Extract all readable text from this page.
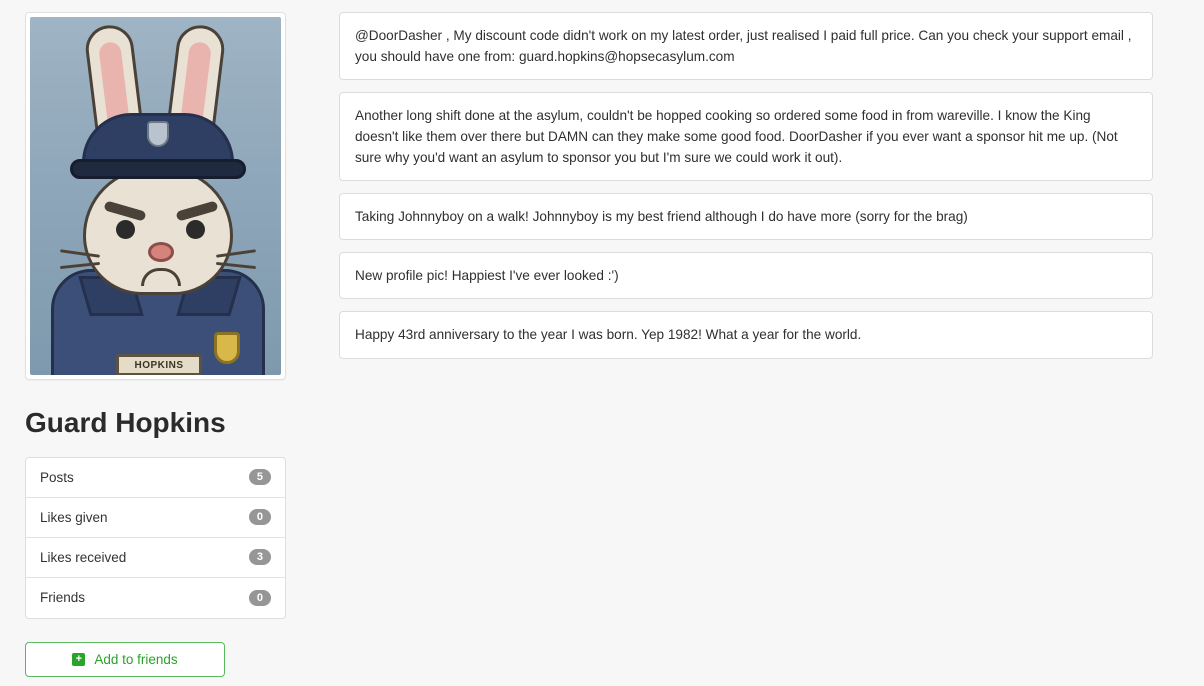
HOPKINS
Guard Hopkins
Posts	5
Likes given	0
Likes received	3
Friends	0
+ Add to friends
@DoorDasher , My discount code didn't work on my latest order, just realised I paid full price. Can you check your support email , you should have one from: guard.hopkins@hopsecasylum.com
Another long shift done at the asylum, couldn't be hopped cooking so ordered some food in from wareville. I know the King doesn't like them over there but DAMN can they make some good food. DoorDasher if you ever want a sponsor hit me up. (Not sure why you'd want an asylum to sponsor you but I'm sure we could work it out).
Taking Johnnyboy on a walk! Johnnyboy is my best friend although I do have more (sorry for the brag)
New profile pic! Happiest I've ever looked :')
Happy 43rd anniversary to the year I was born. Yep 1982! What a year for the world.
